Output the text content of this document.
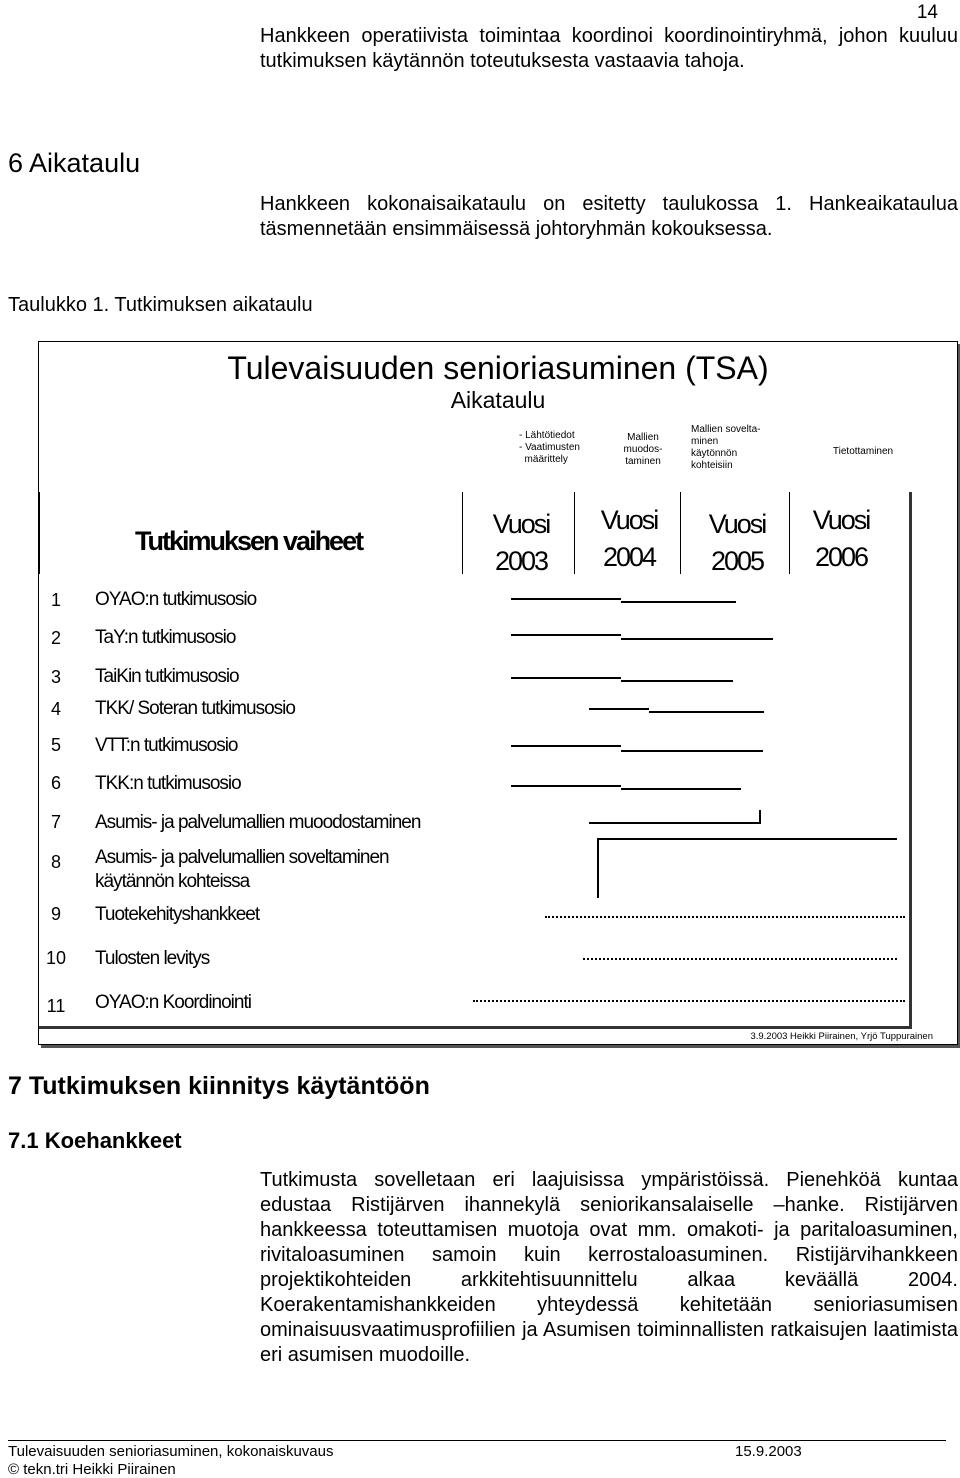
14

Hankkeen operatiivista toimintaa koordinoi koordinointiryhmä, johon kuuluu tutkimuksen käytännön toteutuksesta vastaavia tahoja.

6 Aikataulu

Hankkeen kokonaisaikataulu on esitetty taulukossa 1. Hankeaikataulua täsmennetään ensimmäisessä johtoryhmän kokouksessa.

Taulukko 1. Tutkimuksen aikataulu

Tulevaisuuden senioriasuminen (TSA)
Aikataulu
- Lähtötiedot
- Vaatimusten
määrittely
Mallien
muodos-
taminen
Mallien sovelta-
minen
käytönnön
kohteisiin
Tietottaminen
Tutkimuksen vaiheet
Vuosi
2003
Vuosi
2004
Vuosi
2005
Vuosi
2006
1	OYAO:n tutkimusosio
2	TaY:n tutkimusosio
3	TaiKin tutkimusosio
4	TKK/ Soteran tutkimusosio
5	VTT:n tutkimusosio
6	TKK:n tutkimusosio
7	Asumis- ja palvelumallien muoodostaminen
8	Asumis- ja palvelumallien soveltaminen
käytännön kohteissa
9	Tuotekehityshankkeet
10 Tulosten levitys
11 OYAO:n Koordinointi
3.9.2003 Heikki Piirainen, Yrjö Tuppurainen
7 Tutkimuksen kiinnitys käytäntöön
7.1 Koehankkeet

Tutkimusta sovelletaan eri laajuisissa ympäristöissä. Pienehköä kuntaa edustaa Ristijärven ihannekylä seniorikansalaiselle –hanke. Ristijärven hankkeessa toteuttamisen muotoja ovat mm. omakoti- ja paritaloasuminen, rivitaloasuminen samoin kuin kerrostaloasuminen. Ristijärvihankkeen projektikohteiden arkkitehtisuunnittelu alkaa keväällä 2004. Koerakentamishankkeiden yhteydessä kehitetään senioriasumisen ominaisuusvaatimusprofiilien ja Asumisen toiminnallisten ratkaisujen laatimista eri asumisen muodoille.

Tulevaisuuden senioriasuminen, kokonaiskuvaus	15.9.2003
© tekn.tri Heikki Piirainen
